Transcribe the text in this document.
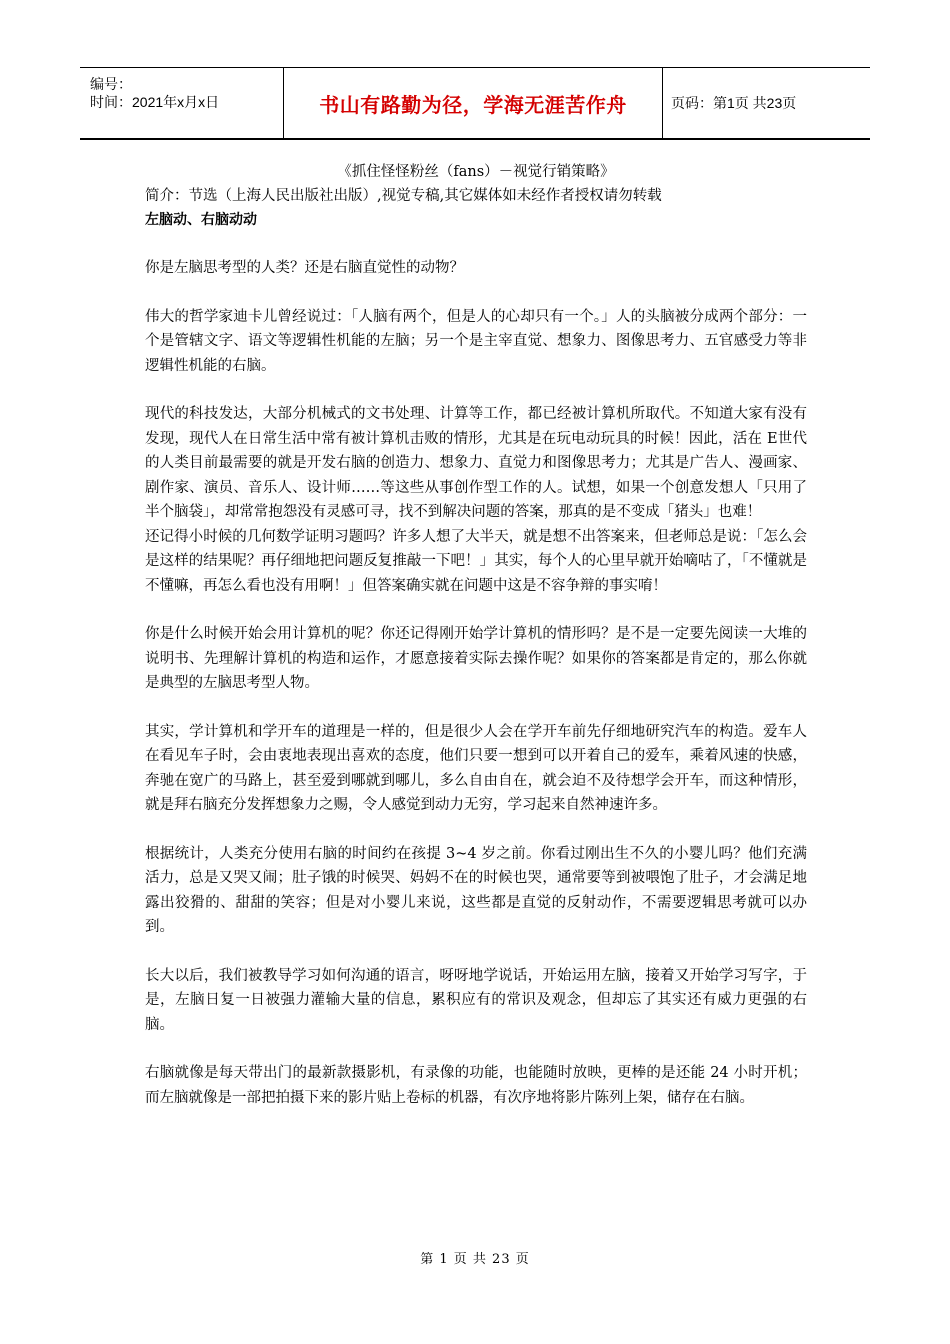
编号：
时间：2021年x月x日	书山有路勤为径，学海无涯苦作舟	页码：第1页 共23页
《抓住怪怪粉丝（fans）－视觉行销策略》
简介：节选（上海人民出版社出版）,视觉专稿,其它媒体如未经作者授权请勿转载
左脑动、右脑动动

你是左脑思考型的人类？还是右脑直觉性的动物？

伟大的哲学家迪卡儿曾经说过：「人脑有两个，但是人的心却只有一个。」人的头脑被分成两个部分：一个是管辖文字、语文等逻辑性机能的左脑；另一个是主宰直觉、想象力、图像思考力、五官感受力等非逻辑性机能的右脑。

现代的科技发达，大部分机械式的文书处理、计算等工作，都已经被计算机所取代。不知道大家有没有发现，现代人在日常生活中常有被计算机击败的情形，尤其是在玩电动玩具的时候！因此，活在 E世代的人类目前最需要的就是开发右脑的创造力、想象力、直觉力和图像思考力；尤其是广告人、漫画家、剧作家、演员、音乐人、设计师……等这些从事创作型工作的人。试想，如果一个创意发想人「只用了半个脑袋」，却常常抱怨没有灵感可寻，找不到解决问题的答案，那真的是不变成「猪头」也难！

还记得小时候的几何数学证明习题吗？许多人想了大半天，就是想不出答案来，但老师总是说：「怎么会是这样的结果呢？再仔细地把问题反复推敲一下吧！」其实，每个人的心里早就开始嘀咕了，「不懂就是不懂嘛，再怎么看也没有用啊！」但答案确实就在问题中这是不容争辩的事实唷！

你是什么时候开始会用计算机的呢？你还记得刚开始学计算机的情形吗？是不是一定要先阅读一大堆的说明书、先理解计算机的构造和运作，才愿意接着实际去操作呢？如果你的答案都是肯定的，那么你就是典型的左脑思考型人物。

其实，学计算机和学开车的道理是一样的，但是很少人会在学开车前先仔细地研究汽车的构造。爱车人在看见车子时，会由衷地表现出喜欢的态度，他们只要一想到可以开着自己的爱车，乘着风速的快感，奔驰在宽广的马路上，甚至爱到哪就到哪儿，多么自由自在，就会迫不及待想学会开车，而这种情形，就是拜右脑充分发挥想象力之赐，令人感觉到动力无穷，学习起来自然神速许多。

根据统计，人类充分使用右脑的时间约在孩提 3~4 岁之前。你看过刚出生不久的小婴儿吗？他们充满活力，总是又哭又闹；肚子饿的时候哭、妈妈不在的时候也哭，通常要等到被喂饱了肚子，才会满足地露出狡猾的、甜甜的笑容；但是对小婴儿来说，这些都是直觉的反射动作，不需要逻辑思考就可以办到。

长大以后，我们被教导学习如何沟通的语言，呀呀地学说话，开始运用左脑，接着又开始学习写字，于是，左脑日复一日被强力灌输大量的信息，累积应有的常识及观念，但却忘了其实还有威力更强的右脑。

右脑就像是每天带出门的最新款摄影机，有录像的功能，也能随时放映，更棒的是还能 24 小时开机；而左脑就像是一部把拍摄下来的影片贴上卷标的机器，有次序地将影片陈列上架，储存在右脑。

第 1 页 共 23 页
